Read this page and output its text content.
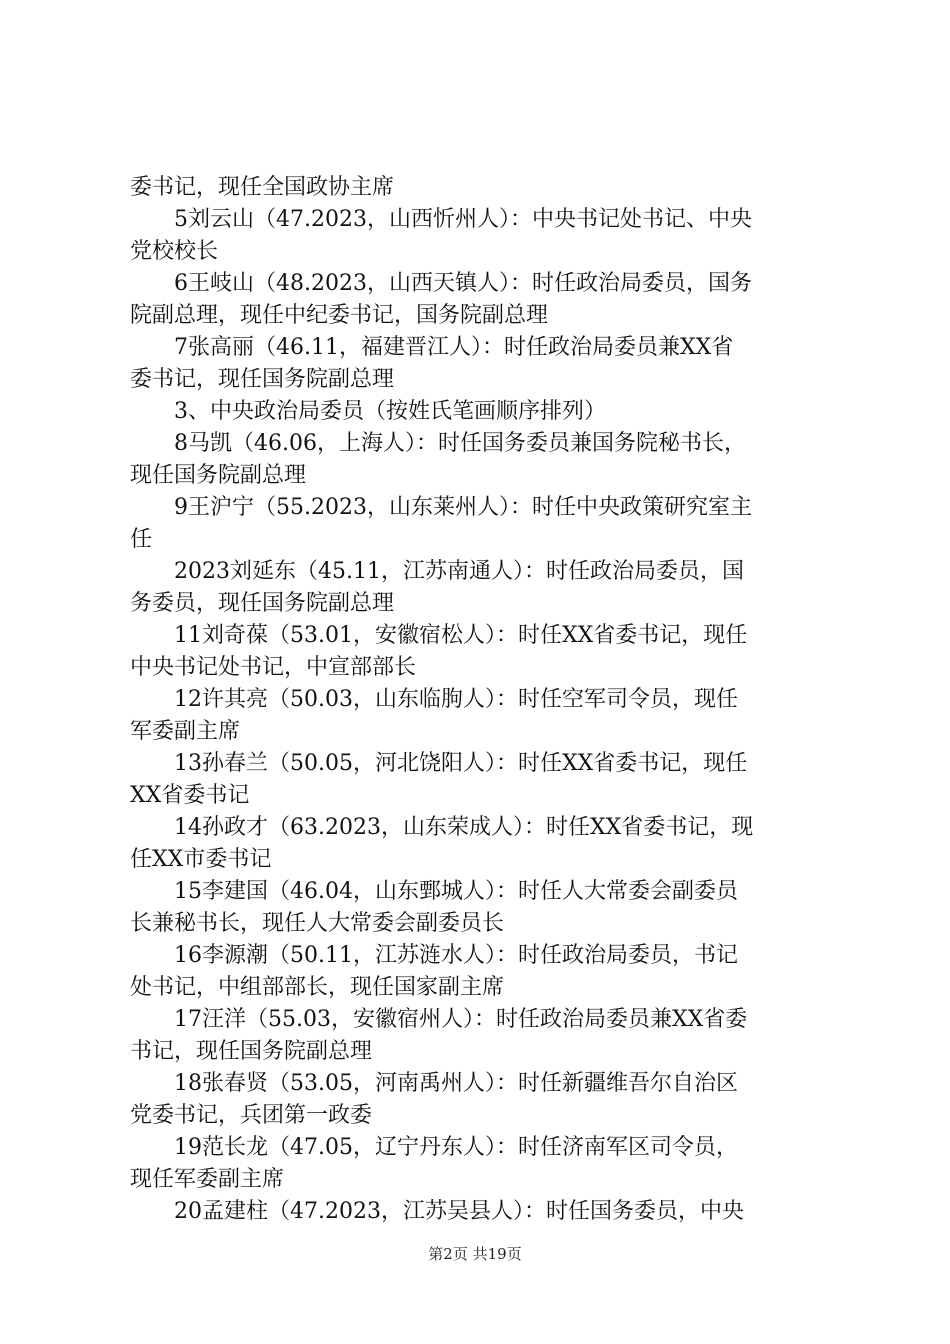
委书记，现任全国政协主席
5刘云山（47.2023，山西忻州人）：中央书记处书记、中央
党校校长
6王岐山（48.2023，山西天镇人）：时任政治局委员，国务
院副总理，现任中纪委书记，国务院副总理
7张高丽（46.11，福建晋江人）：时任政治局委员兼XX省
委书记，现任国务院副总理
3、中央政治局委员（按姓氏笔画顺序排列）
8马凯（46.06，上海人）：时任国务委员兼国务院秘书长，
现任国务院副总理
9王沪宁（55.2023，山东莱州人）：时任中央政策研究室主
任
2023刘延东（45.11，江苏南通人）：时任政治局委员，国
务委员，现任国务院副总理
11刘奇葆（53.01，安徽宿松人）：时任XX省委书记，现任
中央书记处书记，中宣部部长
12许其亮（50.03，山东临朐人）：时任空军司令员，现任
军委副主席
13孙春兰（50.05，河北饶阳人）：时任XX省委书记，现任
XX省委书记
14孙政才（63.2023，山东荣成人）：时任XX省委书记，现
任XX市委书记
15李建国（46.04，山东鄄城人）：时任人大常委会副委员
长兼秘书长，现任人大常委会副委员长
16李源潮（50.11，江苏涟水人）：时任政治局委员，书记
处书记，中组部部长，现任国家副主席
17汪洋（55.03，安徽宿州人）：时任政治局委员兼XX省委
书记，现任国务院副总理
18张春贤（53.05，河南禹州人）：时任新疆维吾尔自治区
党委书记，兵团第一政委
19范长龙（47.05，辽宁丹东人）：时任济南军区司令员，
现任军委副主席
20孟建柱（47.2023，江苏吴县人）：时任国务委员，中央
第2页 共19页
